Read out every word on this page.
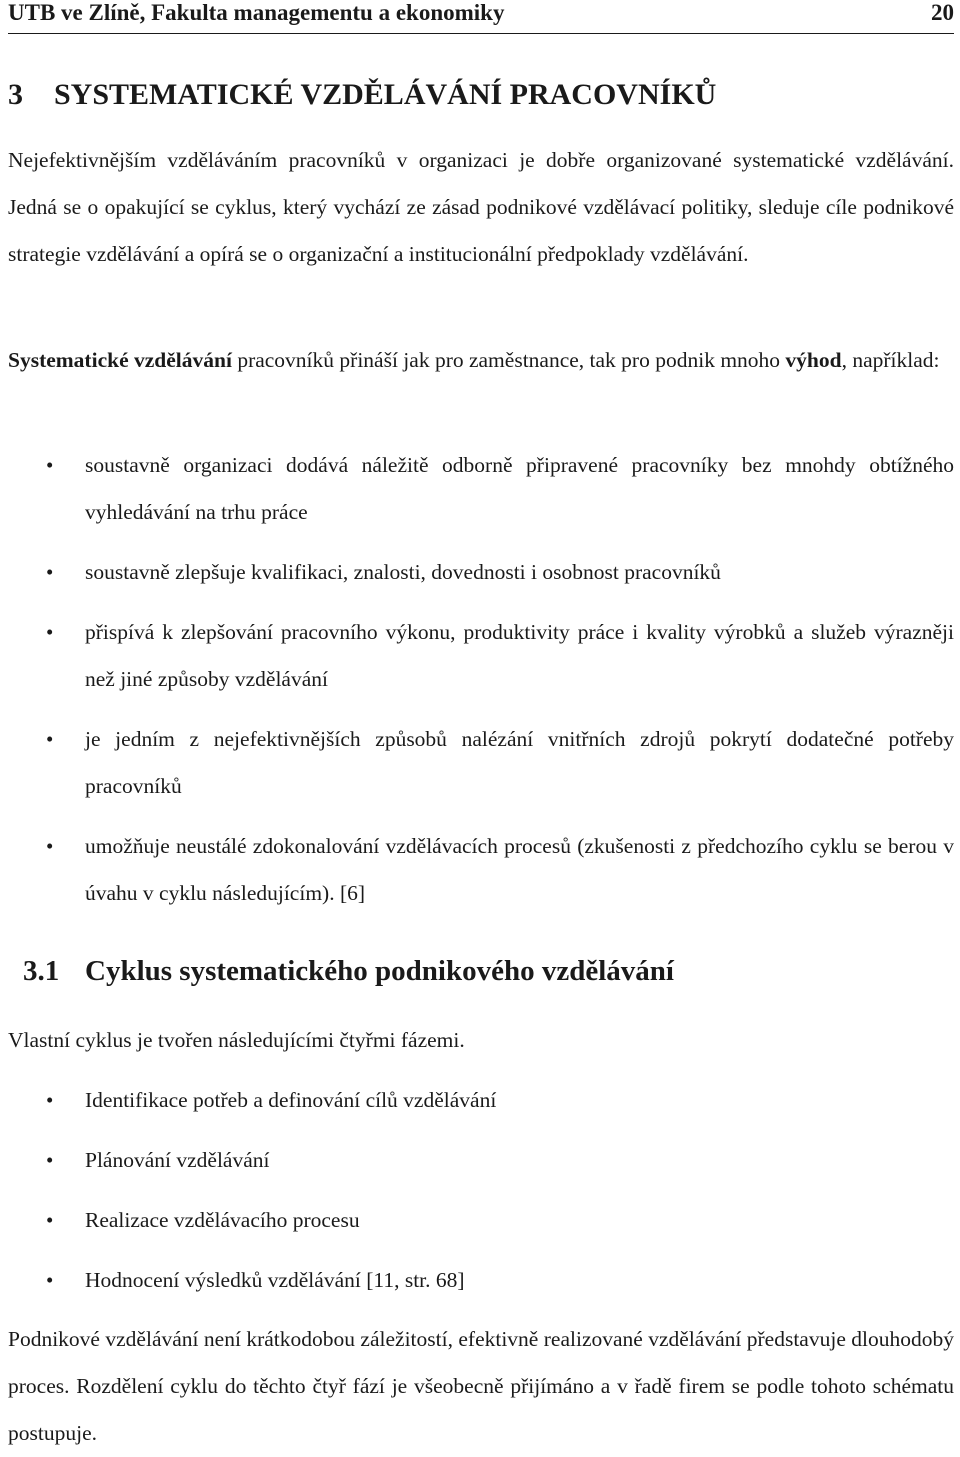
UTB ve Zlíně, Fakulta managementu a ekonomiky	20
3 SYSTEMATICKÉ VZDĚLÁVÁNÍ PRACOVNÍKŮ

Nejefektivnějším vzděláváním pracovníků v organizaci je dobře organizované systematické vzdělávání. Jedná se o opakující se cyklus, který vychází ze zásad podnikové vzdělávací politiky, sleduje cíle podnikové strategie vzdělávání a opírá se o organizační a institucionální předpoklady vzdělávání.

Systematické vzdělávání pracovníků přináší jak pro zaměstnance, tak pro podnik mnoho výhod, například:

• soustavně organizaci dodává náležitě odborně připravené pracovníky bez mnohdy obtížného vyhledávání na trhu práce
• soustavně zlepšuje kvalifikaci, znalosti, dovednosti i osobnost pracovníků
• přispívá k zlepšování pracovního výkonu, produktivity práce i kvality výrobků a služeb výrazněji než jiné způsoby vzdělávání
• je jedním z nejefektivnějších způsobů nalézání vnitřních zdrojů pokrytí dodatečné potřeby pracovníků
• umožňuje neustálé zdokonalování vzdělávacích procesů (zkušenosti z předchozího cyklu se berou v úvahu v cyklu následujícím). [6]
3.1 Cyklus systematického podnikového vzdělávání

Vlastní cyklus je tvořen následujícími čtyřmi fázemi.

• Identifikace potřeb a definování cílů vzdělávání
• Plánování vzdělávání
• Realizace vzdělávacího procesu
• Hodnocení výsledků vzdělávání [11, str. 68]

Podnikové vzdělávání není krátkodobou záležitostí, efektivně realizované vzdělávání představuje dlouhodobý proces. Rozdělení cyklu do těchto čtyř fází je všeobecně přijímáno a v řadě firem se podle tohoto schématu postupuje.
